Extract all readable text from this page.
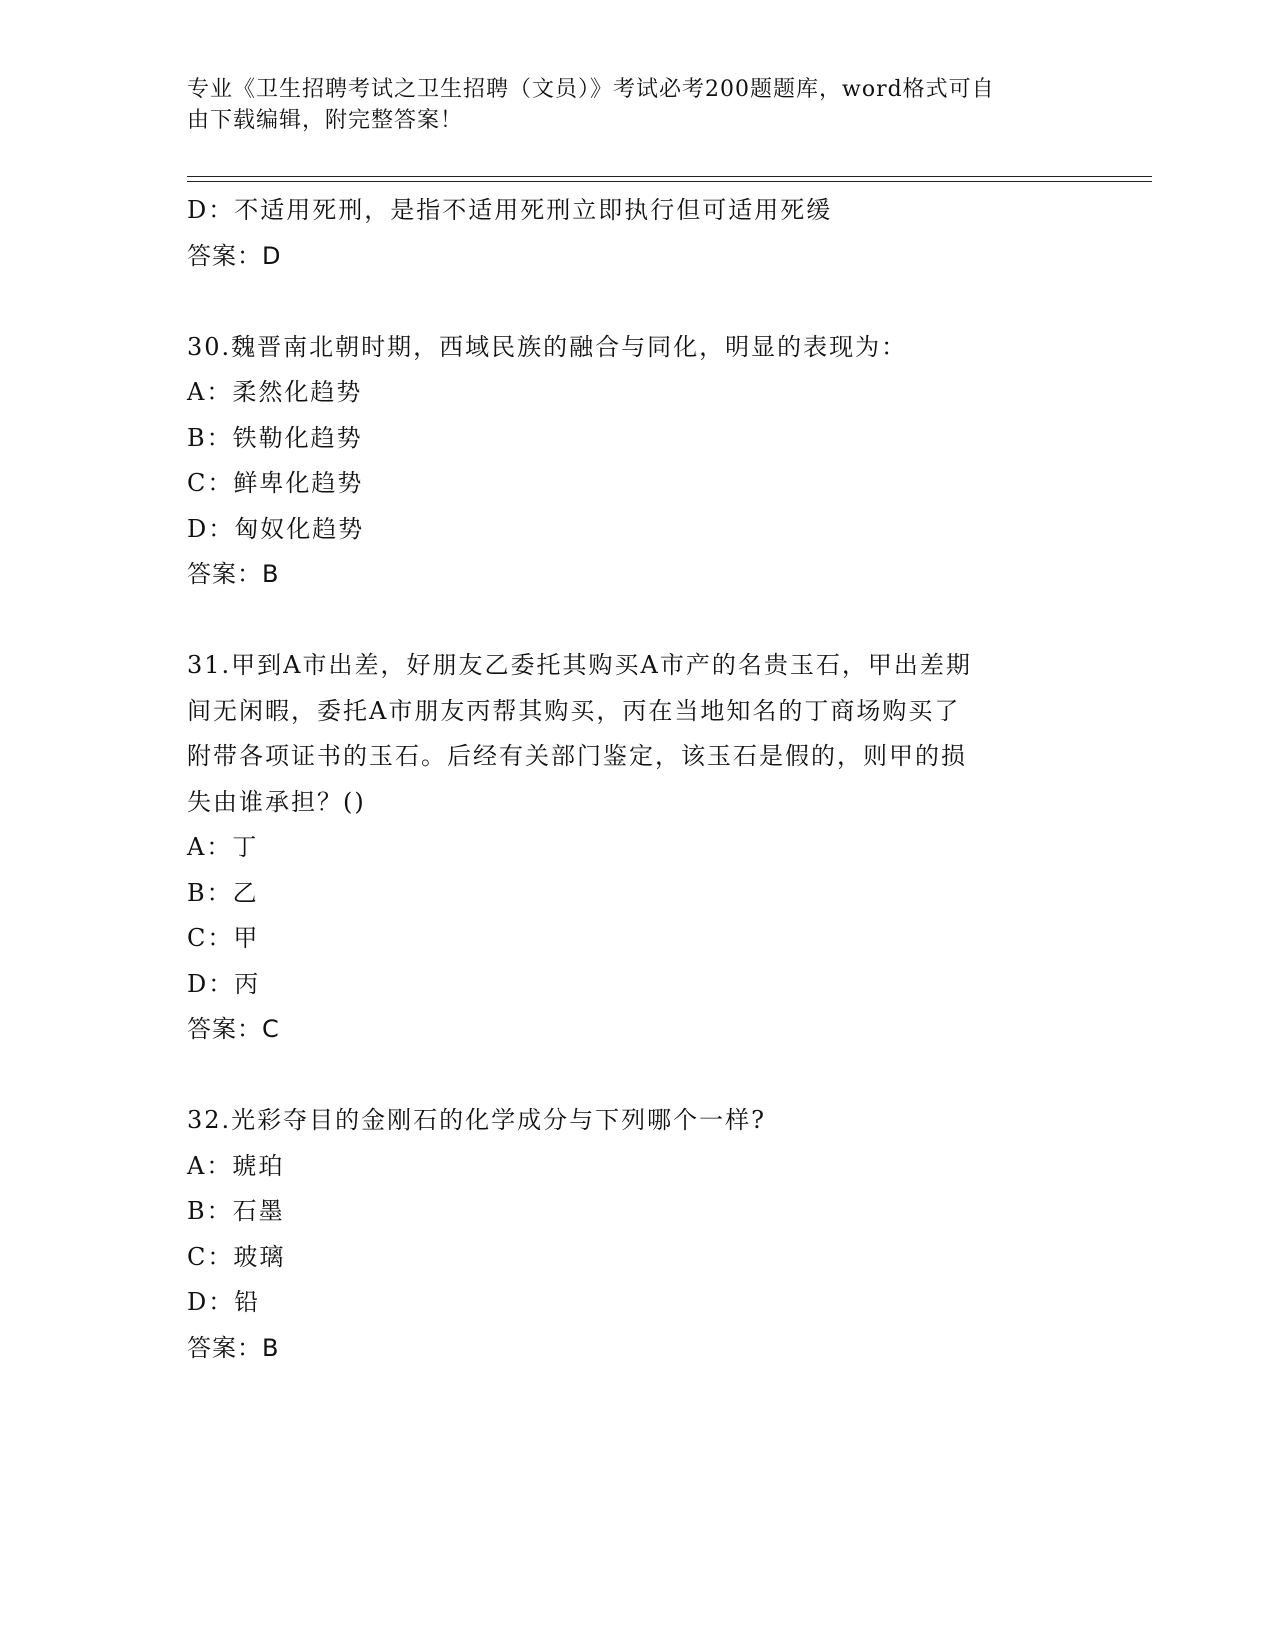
专业《卫生招聘考试之卫生招聘（文员）》考试必考200题题库，word格式可自
由下载编辑，附完整答案！
D：不适用死刑，是指不适用死刑立即执行但可适用死缓
答案：D
30.魏晋南北朝时期，西域民族的融合与同化，明显的表现为：
A：柔然化趋势
B：铁勒化趋势
C：鲜卑化趋势
D：匈奴化趋势
答案：B
31.甲到A市出差，好朋友乙委托其购买A市产的名贵玉石，甲出差期
间无闲暇，委托A市朋友丙帮其购买，丙在当地知名的丁商场购买了
附带各项证书的玉石。后经有关部门鉴定，该玉石是假的，则甲的损
失由谁承担？()
A：丁
B：乙
C：甲
D：丙
答案：C
32.光彩夺目的金刚石的化学成分与下列哪个一样?
A：琥珀
B：石墨
C：玻璃
D：铅
答案：B
